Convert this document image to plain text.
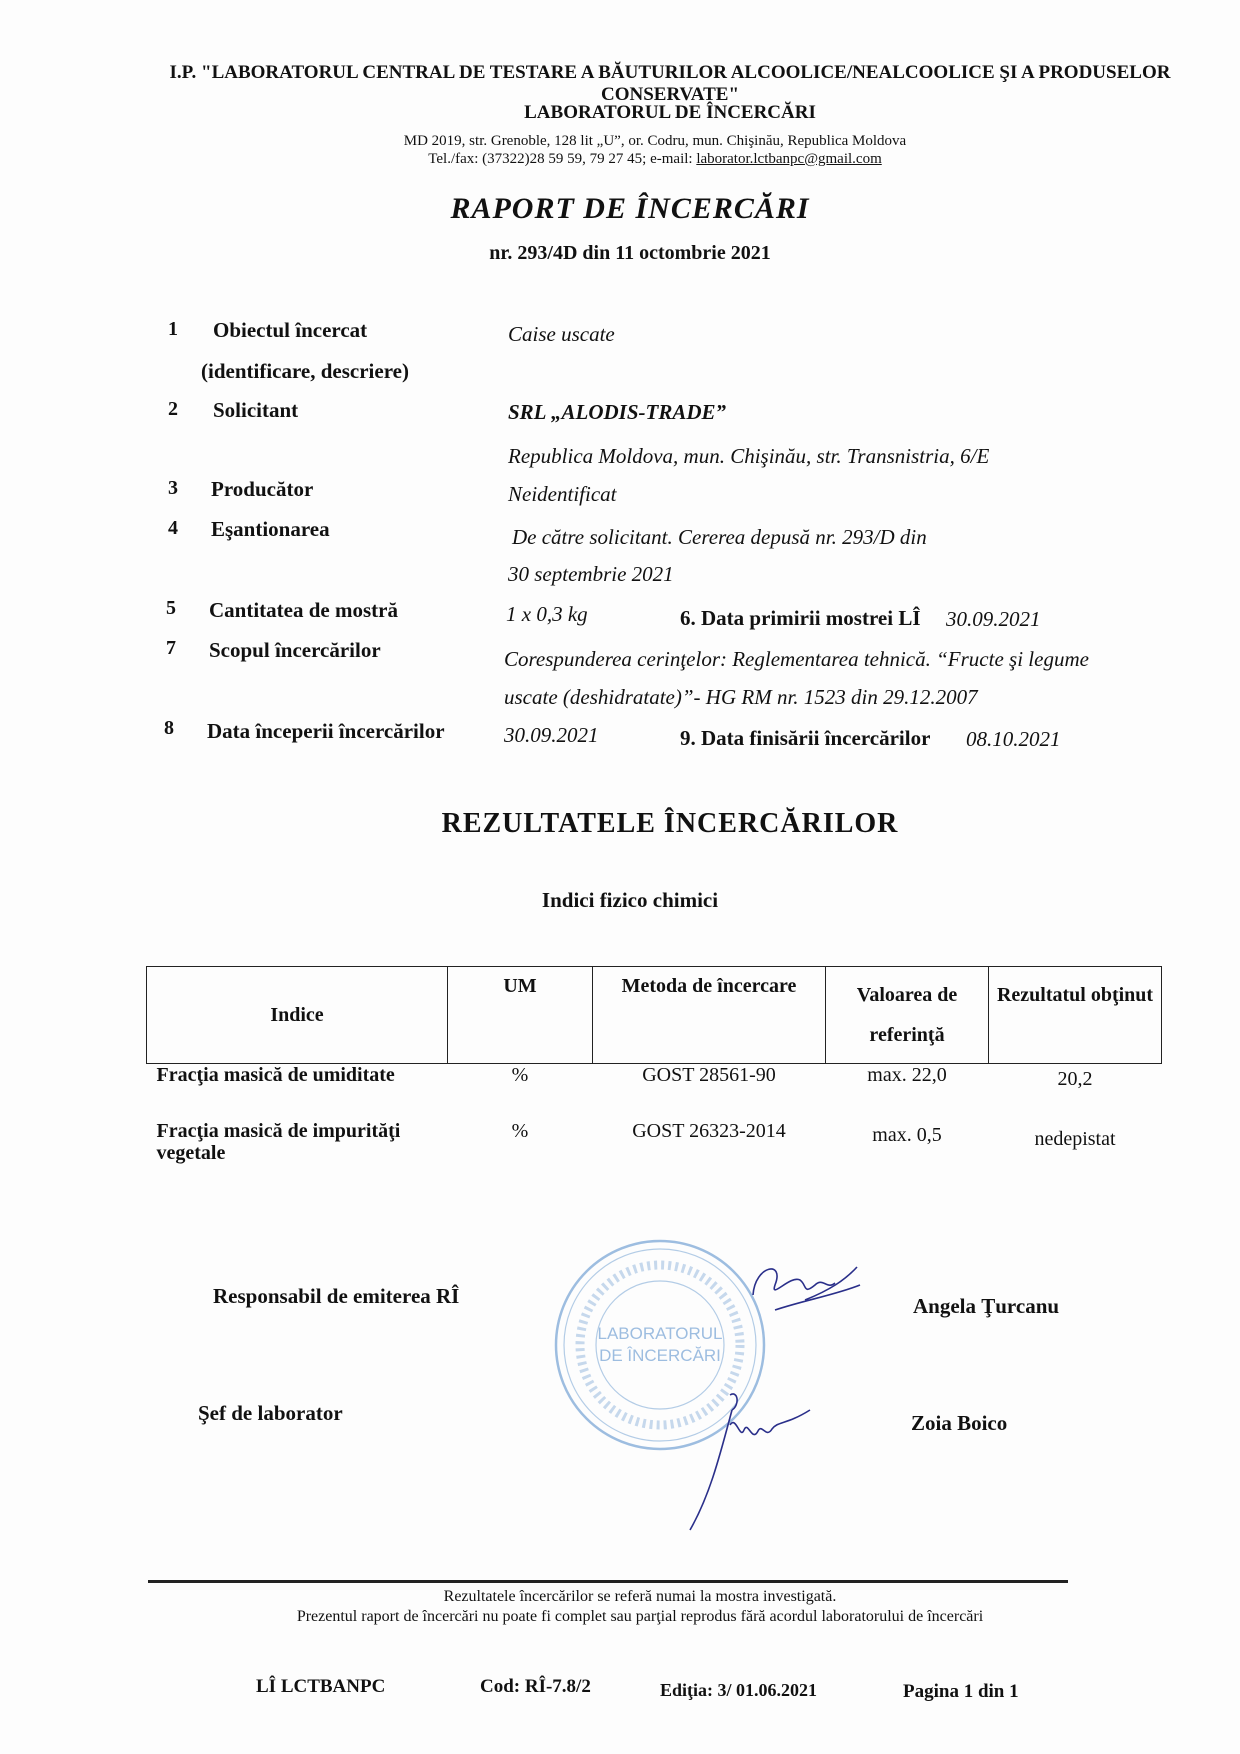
I.P. "LABORATORUL CENTRAL DE TESTARE A BĂUTURILOR ALCOOLICE/NEALCOOLICE ŞI A PRODUSELOR CONSERVATE"
LABORATORUL DE ÎNCERCĂRI
MD 2019, str. Grenoble, 128 lit „U”, or. Codru, mun. Chişinău, Republica Moldova
Tel./fax: (37322)28 59 59, 79 27 45; e-mail: laborator.lctbanpc@gmail.com
RAPORT DE ÎNCERCĂRI
nr. 293/4D din 11 octombrie 2021
1 Obiectul încercat
(identificare, descriere)
Caise uscate
2 Solicitant	SRL „ALODIS-TRADE”
Republica Moldova, mun. Chişinău, str. Transnistria, 6/E
3 Producător	Neidentificat
4 Eşantionarea	De către solicitant. Cererea depusă nr. 293/D din
30 septembrie 2021
5 Cantitatea de mostră	1 x 0,3 kg	6. Data primirii mostrei LÎ 30.09.2021
7 Scopul încercărilor	Corespunderea cerinţelor: Reglementarea tehnică. “Fructe şi legume
uscate (deshidratate)”- HG RM nr. 1523 din 29.12.2007
8 Data începerii încercărilor	30.09.2021	9. Data finisării încercărilor 08.10.2021
REZULTATELE ÎNCERCĂRILOR
Indici fizico chimici
Indice	UM	Metoda de încercare	Valoarea de referinţă	Rezultatul obţinut
Fracţia masică de umiditate	%	GOST 28561-90	max. 22,0	20,2
Fracţia masică de impurităţi vegetale	%	GOST 26323-2014	max. 0,5	nedepistat
Responsabil de emiterea RÎ	Angela Ţurcanu
Şef de laborator	Zoia Boico
LABORATORUL
DE ÎNCERCĂRI
Rezultatele încercărilor se referă numai la mostra investigată.
Prezentul raport de încercări nu poate fi complet sau parţial reprodus fără acordul laboratorului de încercări
LÎ LCTBANPC	Cod: RÎ-7.8/2	Ediţia: 3/ 01.06.2021	Pagina 1 din 1
